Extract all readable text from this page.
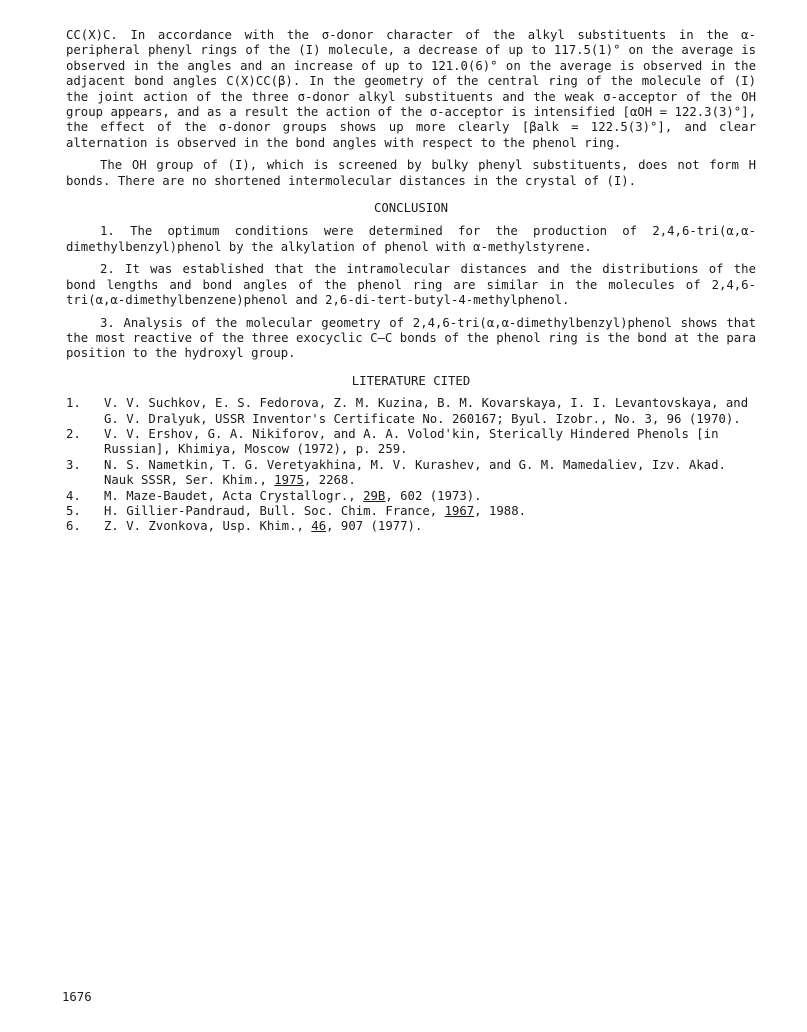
CC(X)C. In accordance with the σ-donor character of the alkyl substituents in the α-peripheral phenyl rings of the (I) molecule, a decrease of up to 117.5(1)° on the average is observed in the angles and an increase of up to 121.0(6)° on the average is observed in the adjacent bond angles C(X)CC(β). In the geometry of the central ring of the molecule of (I) the joint action of the three σ-donor alkyl substituents and the weak σ-acceptor of the OH group appears, and as a result the action of the σ-acceptor is intensified [αOH = 122.3(3)°], the effect of the σ-donor groups shows up more clearly [βalk = 122.5(3)°], and clear alternation is observed in the bond angles with respect to the phenol ring.

The OH group of (I), which is screened by bulky phenyl substituents, does not form H bonds. There are no shortened intermolecular distances in the crystal of (I).

CONCLUSION

1. The optimum conditions were determined for the production of 2,4,6-tri(α,α-dimethylbenzyl)phenol by the alkylation of phenol with α-methylstyrene.

2. It was established that the intramolecular distances and the distributions of the bond lengths and bond angles of the phenol ring are similar in the molecules of 2,4,6-tri(α,α-dimethylbenzene)phenol and 2,6-di-tert-butyl-4-methylphenol.

3. Analysis of the molecular geometry of 2,4,6-tri(α,α-dimethylbenzyl)phenol shows that the most reactive of the three exocyclic C–C bonds of the phenol ring is the bond at the para position to the hydroxyl group.

LITERATURE CITED

1. V. V. Suchkov, E. S. Fedorova, Z. M. Kuzina, B. M. Kovarskaya, I. I. Levantovskaya, and G. V. Dralyuk, USSR Inventor's Certificate No. 260167; Byul. Izobr., No. 3, 96 (1970).
2. V. V. Ershov, G. A. Nikiforov, and A. A. Volod'kin, Sterically Hindered Phenols [in Russian], Khimiya, Moscow (1972), p. 259.
3. N. S. Nametkin, T. G. Veretyakhina, M. V. Kurashev, and G. M. Mamedaliev, Izv. Akad. Nauk SSSR, Ser. Khim., 1975, 2268.
4. M. Maze-Baudet, Acta Crystallogr., 29B, 602 (1973).
5. H. Gillier-Pandraud, Bull. Soc. Chim. France, 1967, 1988.
6. Z. V. Zvonkova, Usp. Khim., 46, 907 (1977).
1676
